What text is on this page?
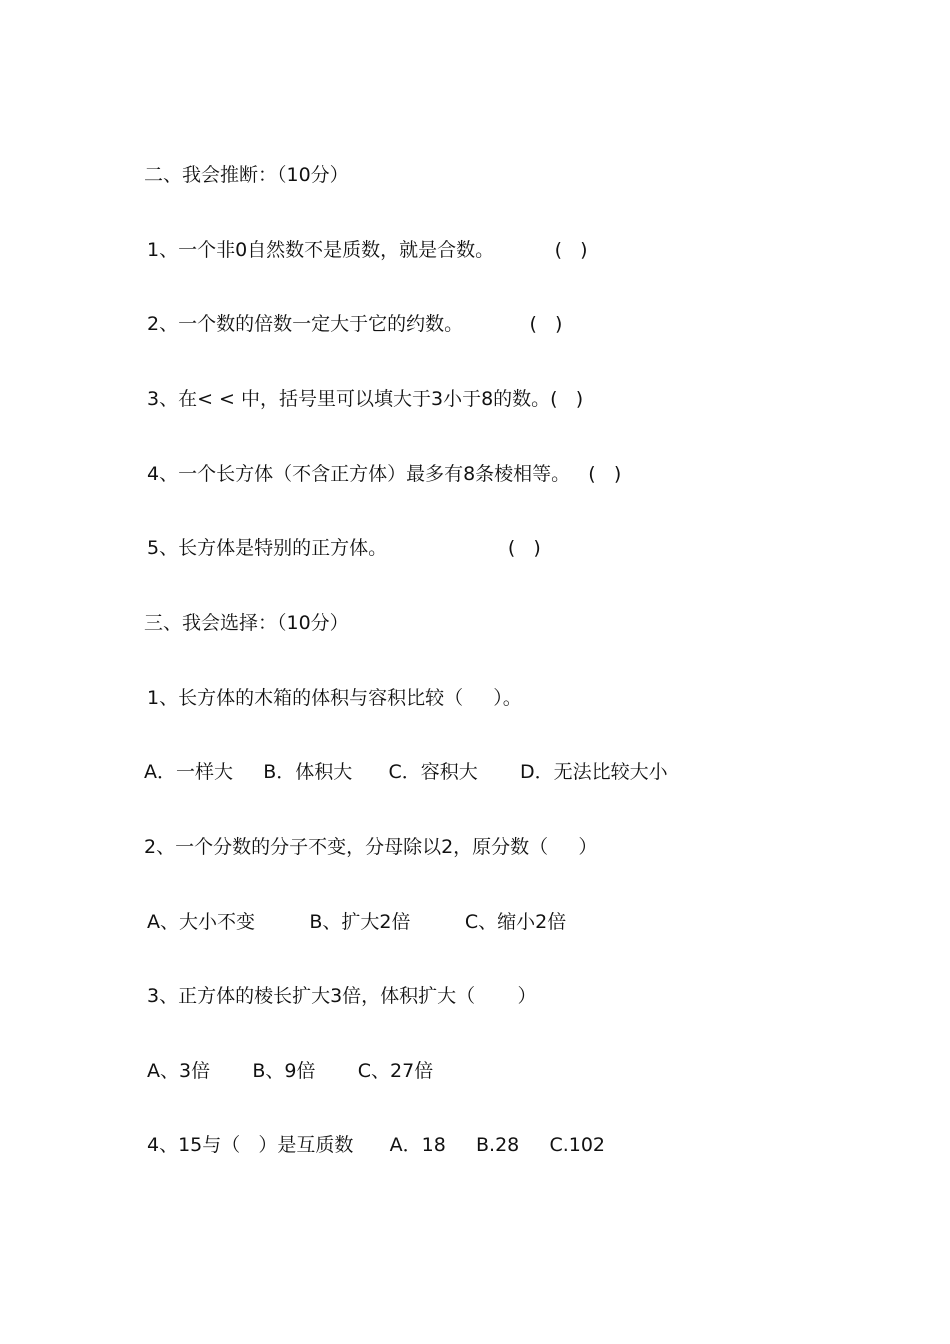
二、我会推断：（10分）
1、一个非0自然数不是质数，就是合数。          (   )
2、一个数的倍数一定大于它的约数。           (   )
3、在< < 中，括号里可以填大于3小于8的数。(   )
4、一个长方体（不含正方体）最多有8条棱相等。   (   )
5、长方体是特别的正方体。                    (   )
三、我会选择：（10分）
1、长方体的木箱的体积与容积比较（     ）。
A．一样大     B．体积大      C．容积大       D．无法比较大小
2、一个分数的分子不变，分母除以2，原分数（     ）
A、大小不变         B、扩大2倍         C、缩小2倍
3、正方体的棱长扩大3倍，体积扩大（       ）
A、3倍       B、9倍       C、27倍
4、15与（   ）是互质数      A．18     B.28     C.102
